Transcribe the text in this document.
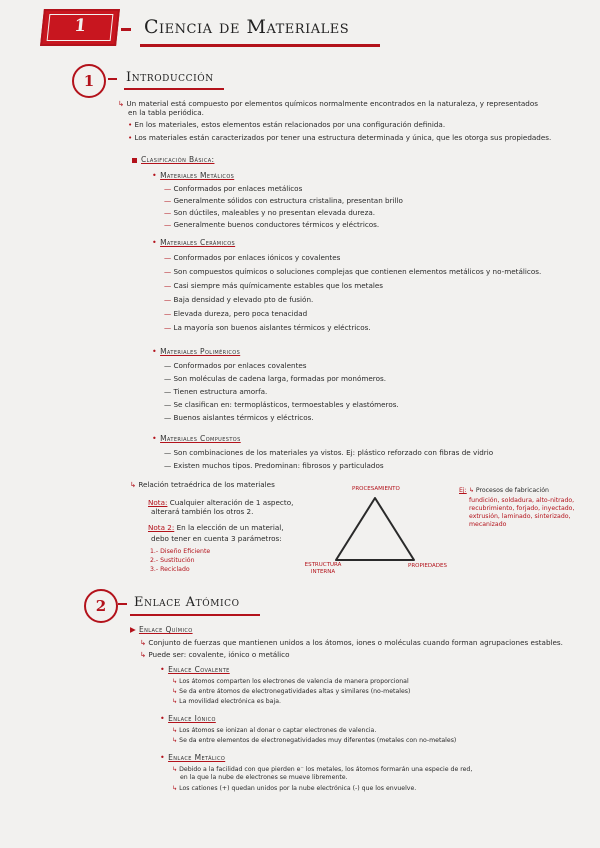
1	Ciencia de Materiales
1 Introducción
↳ Un material está compuesto por elementos químicos normalmente encontrados en la naturaleza, y representados
en la tabla periódica.
• En los materiales, estos elementos están relacionados por una configuración definida.
• Los materiales están caracterizados por tener una estructura determinada y única, que les otorga sus propiedades.
Clasificación Básica:
• Materiales Metálicos
— Conformados por enlaces metálicos
— Generalmente sólidos con estructura cristalina, presentan brillo
— Son dúctiles, maleables y no presentan elevada dureza.
— Generalmente buenos conductores térmicos y eléctricos.
• Materiales Cerámicos
— Conformados por enlaces iónicos y covalentes
— Son compuestos químicos o soluciones complejas que contienen elementos metálicos y no-metálicos.
— Casi siempre más químicamente estables que los metales
— Baja densidad y elevado pto de fusión.
— Elevada dureza, pero poca tenacidad
— La mayoría son buenos aislantes térmicos y eléctricos.
• Materiales Poliméricos
— Conformados por enlaces covalentes
— Son moléculas de cadena larga, formadas por monómeros.
— Tienen estructura amorfa.
— Se clasifican en: termoplásticos, termoestables y elastómeros.
— Buenos aislantes térmicos y eléctricos.
• Materiales Compuestos
— Son combinaciones de los materiales ya vistos. Ej: plástico reforzado con fibras de vidrio
— Existen muchos tipos. Predominan: fibrosos y particulados
↳ Relación tetraédrica de los materiales
Nota: Cualquier alteración de 1 aspecto,
alterará también los otros 2.
Nota 2: En la elección de un material,
debo tener en cuenta 3 parámetros:
1.- Diseño Eficiente
2.- Sustitución
3.- Reciclado
PROCESAMIENTO
ESTRUCTURA INTERNA
PROPIEDADES
Ej: ↳ Procesos de fabricación
fundición, soldadura, alto-nitrado,
recubrimiento, forjado, inyectado,
extrusión, laminado, sinterizado,
mecanizado
2 Enlace Atómico
▶ Enlace Químico
↳ Conjunto de fuerzas que mantienen unidos a los átomos, iones o moléculas cuando forman agrupaciones estables.
↳ Puede ser: covalente, iónico o metálico
• Enlace Covalente
↳ Los átomos comparten los electrones de valencia de manera proporcional
↳ Se da entre átomos de electronegatividades altas y similares (no-metales)
↳ La movilidad electrónica es baja.
• Enlace Iónico
↳ Los átomos se ionizan al donar o captar electrones de valencia.
↳ Se da entre elementos de electronegatividades muy diferentes (metales con no-metales)
• Enlace Metálico
↳ Debido a la facilidad con que pierden e⁻ los metales, los átomos formarán una especie de red,
en la que la nube de electrones se mueve libremente.
↳ Los cationes (+) quedan unidos por la nube electrónica (-) que los envuelve.
